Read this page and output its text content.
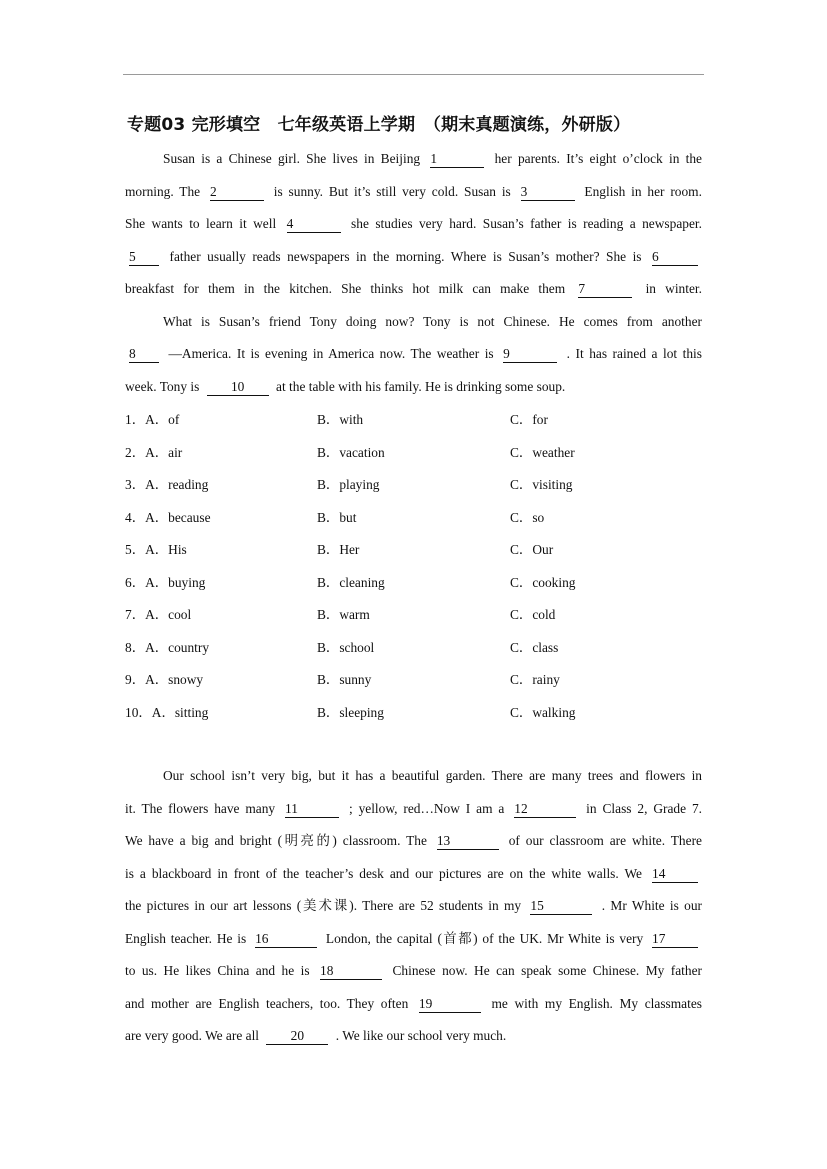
专题03 完形填空　七年级英语上学期　（期末真题演练，外研版）
Susan is a Chinese girl. She lives in Beijing 1	her parents. It’s eight o’clock in the
morning. The 2	is sunny. But it’s still very cold. Susan is 3	English in her room.
She wants to learn it well 4	she studies very hard. Susan’s father is reading a newspaper.
5	father usually reads newspapers in the morning. Where is Susan’s mother? She is 6
breakfast for them in the kitchen. She thinks hot milk can make them 7	in winter.
What is Susan’s friend Tony doing now? Tony is not Chinese. He comes from another
8 —America. It is evening in America now. The weather is 9	. It has rained a lot this
week. Tony is 10 at the table with his family. He is drinking some soup.
1．A．of	B．with	C．for
2．A．air	B．vacation	C．weather
3．A．reading	B．playing	C．visiting
4．A．because	B．but	C．so
5．A．His	B．Her	C．Our
6．A．buying	B．cleaning	C．cooking
7．A．cool	B．warm	C．cold
8．A．country	B．school	C．class
9．A．snowy	B．sunny	C．rainy
10．A．sitting	B．sleeping	C．walking
Our school isn’t very big, but it has a beautiful garden. There are many trees and flowers in
it. The flowers have many 11	; yellow, red…Now I am a 12	in Class 2, Grade 7.
We have a big and bright (明亮的) classroom. The 13	of our classroom are white. There
is a blackboard in front of the teacher’s desk and our pictures are on the white walls. We 14
the pictures in our art lessons (美术课). There are 52 students in my 15	. Mr White is our
English teacher. He is 16	London, the capital (首都) of the UK. Mr White is very 17
to us. He likes China and he is 18	Chinese now. He can speak some Chinese. My father
and mother are English teachers, too. They often 19	me with my English. My classmates
are very good. We are all 20 . We like our school very much.
